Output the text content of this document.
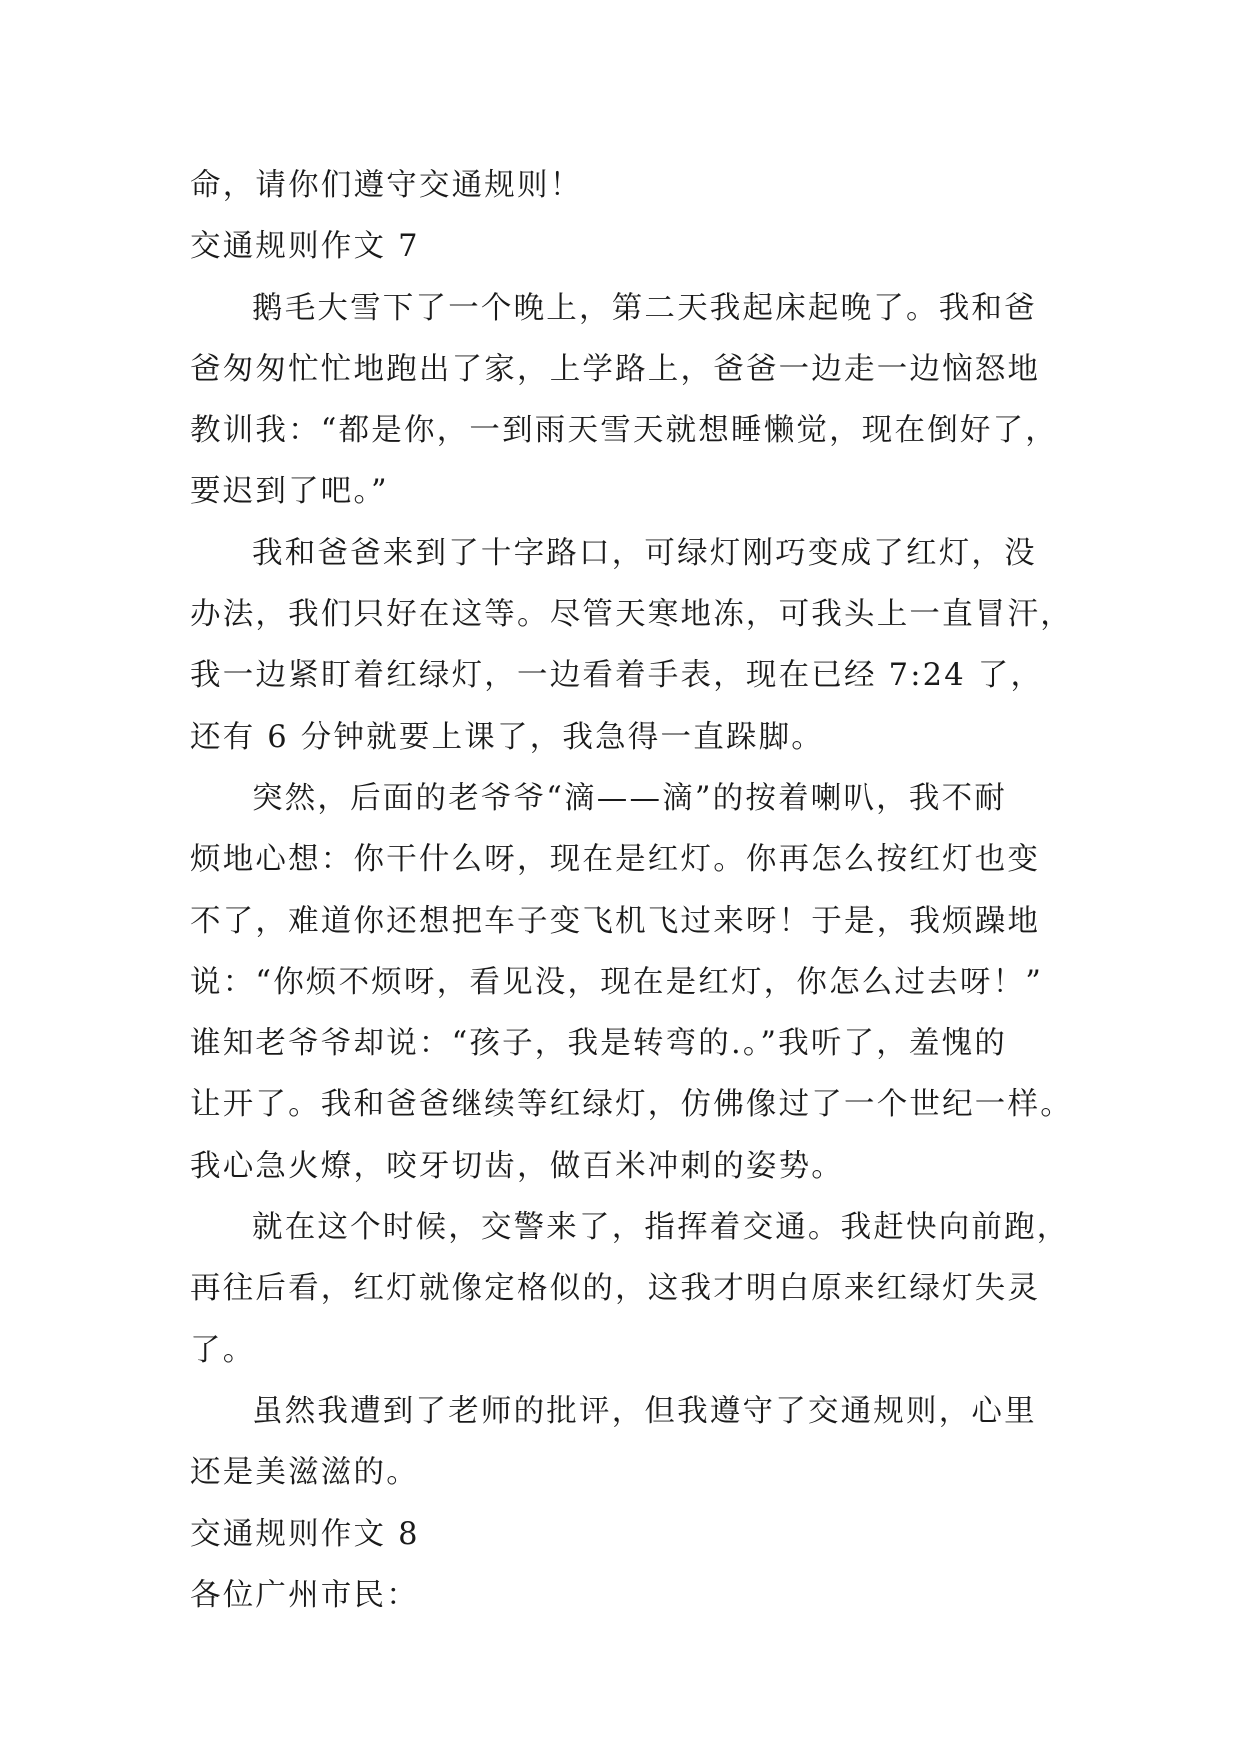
命，请你们遵守交通规则！
交通规则作文 7
鹅毛大雪下了一个晚上，第二天我起床起晚了。我和爸
爸匆匆忙忙地跑出了家，上学路上，爸爸一边走一边恼怒地
教训我：“都是你，一到雨天雪天就想睡懒觉，现在倒好了，
要迟到了吧。”
我和爸爸来到了十字路口，可绿灯刚巧变成了红灯，没
办法，我们只好在这等。尽管天寒地冻，可我头上一直冒汗，
我一边紧盯着红绿灯，一边看着手表，现在已经 7:24 了，
还有 6 分钟就要上课了，我急得一直跺脚。
突然，后面的老爷爷“滴——滴”的按着喇叭，我不耐
烦地心想：你干什么呀，现在是红灯。你再怎么按红灯也变
不了，难道你还想把车子变飞机飞过来呀！于是，我烦躁地
说：“你烦不烦呀，看见没，现在是红灯，你怎么过去呀！”
谁知老爷爷却说：“孩子，我是转弯的.。”我听了，羞愧的
让开了。我和爸爸继续等红绿灯，仿佛像过了一个世纪一样。
我心急火燎，咬牙切齿，做百米冲刺的姿势。
就在这个时候，交警来了，指挥着交通。我赶快向前跑，
再往后看，红灯就像定格似的，这我才明白原来红绿灯失灵
了。
虽然我遭到了老师的批评，但我遵守了交通规则，心里
还是美滋滋的。
交通规则作文 8
各位广州市民：
